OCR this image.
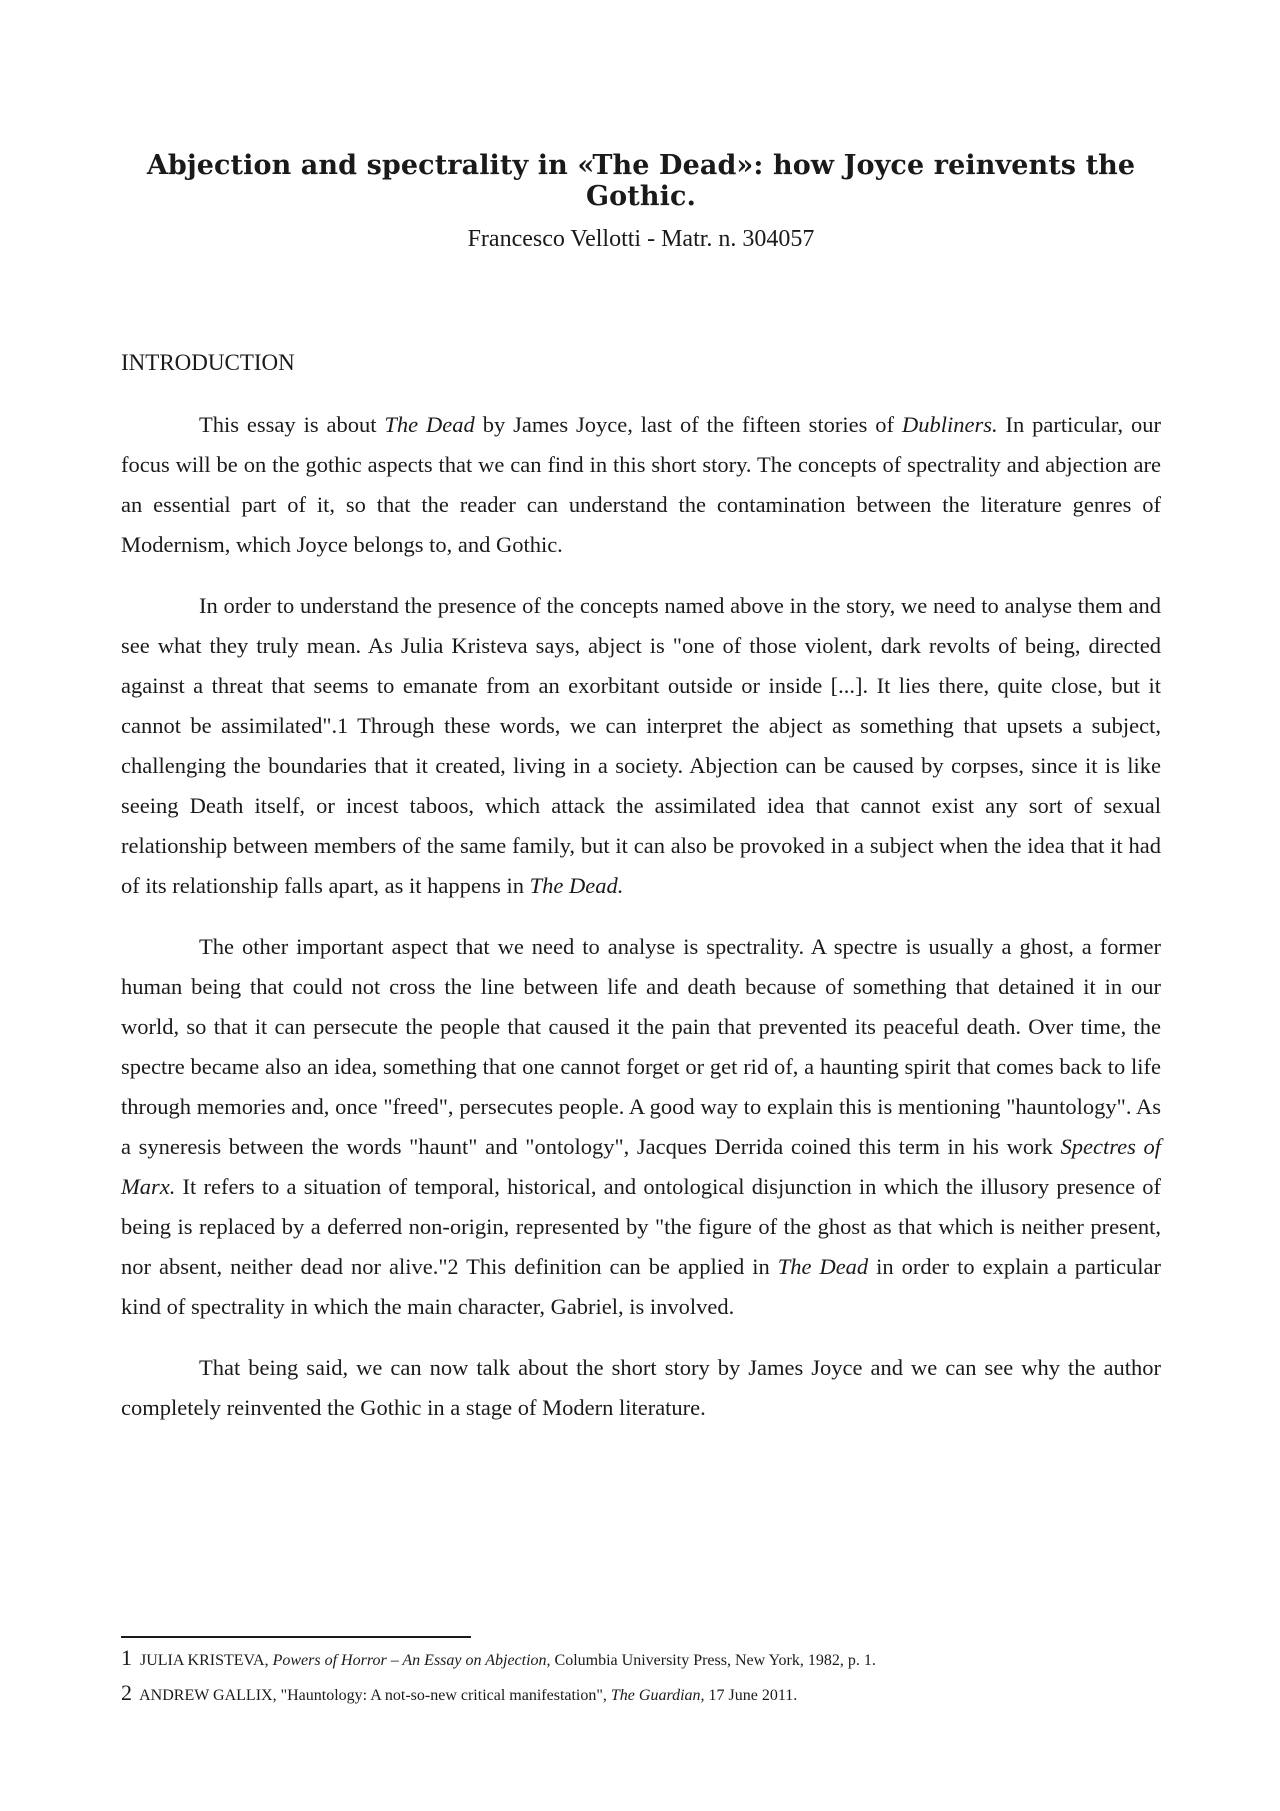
Abjection and spectrality in «The Dead»: how Joyce reinvents the Gothic.

Francesco Vellotti - Matr. n. 304057

INTRODUCTION

This essay is about The Dead by James Joyce, last of the fifteen stories of Dubliners. In particular, our focus will be on the gothic aspects that we can find in this short story. The concepts of spectrality and abjection are an essential part of it, so that the reader can understand the contamination between the literature genres of Modernism, which Joyce belongs to, and Gothic.

In order to understand the presence of the concepts named above in the story, we need to analyse them and see what they truly mean. As Julia Kristeva says, abject is "one of those violent, dark revolts of being, directed against a threat that seems to emanate from an exorbitant outside or inside [...]. It lies there, quite close, but it cannot be assimilated".1 Through these words, we can interpret the abject as something that upsets a subject, challenging the boundaries that it created, living in a society. Abjection can be caused by corpses, since it is like seeing Death itself, or incest taboos, which attack the assimilated idea that cannot exist any sort of sexual relationship between members of the same family, but it can also be provoked in a subject when the idea that it had of its relationship falls apart, as it happens in The Dead.

The other important aspect that we need to analyse is spectrality. A spectre is usually a ghost, a former human being that could not cross the line between life and death because of something that detained it in our world, so that it can persecute the people that caused it the pain that prevented its peaceful death. Over time, the spectre became also an idea, something that one cannot forget or get rid of, a haunting spirit that comes back to life through memories and, once "freed", persecutes people. A good way to explain this is mentioning "hauntology". As a syneresis between the words "haunt" and "ontology", Jacques Derrida coined this term in his work Spectres of Marx. It refers to a situation of temporal, historical, and ontological disjunction in which the illusory presence of being is replaced by a deferred non-origin, represented by "the figure of the ghost as that which is neither present, nor absent, neither dead nor alive."2 This definition can be applied in The Dead in order to explain a particular kind of spectrality in which the main character, Gabriel, is involved.

That being said, we can now talk about the short story by James Joyce and we can see why the author completely reinvented the Gothic in a stage of Modern literature.

1 JULIA KRISTEVA, Powers of Horror – An Essay on Abjection, Columbia University Press, New York, 1982, p. 1.

2 ANDREW GALLIX, "Hauntology: A not-so-new critical manifestation", The Guardian, 17 June 2011.
